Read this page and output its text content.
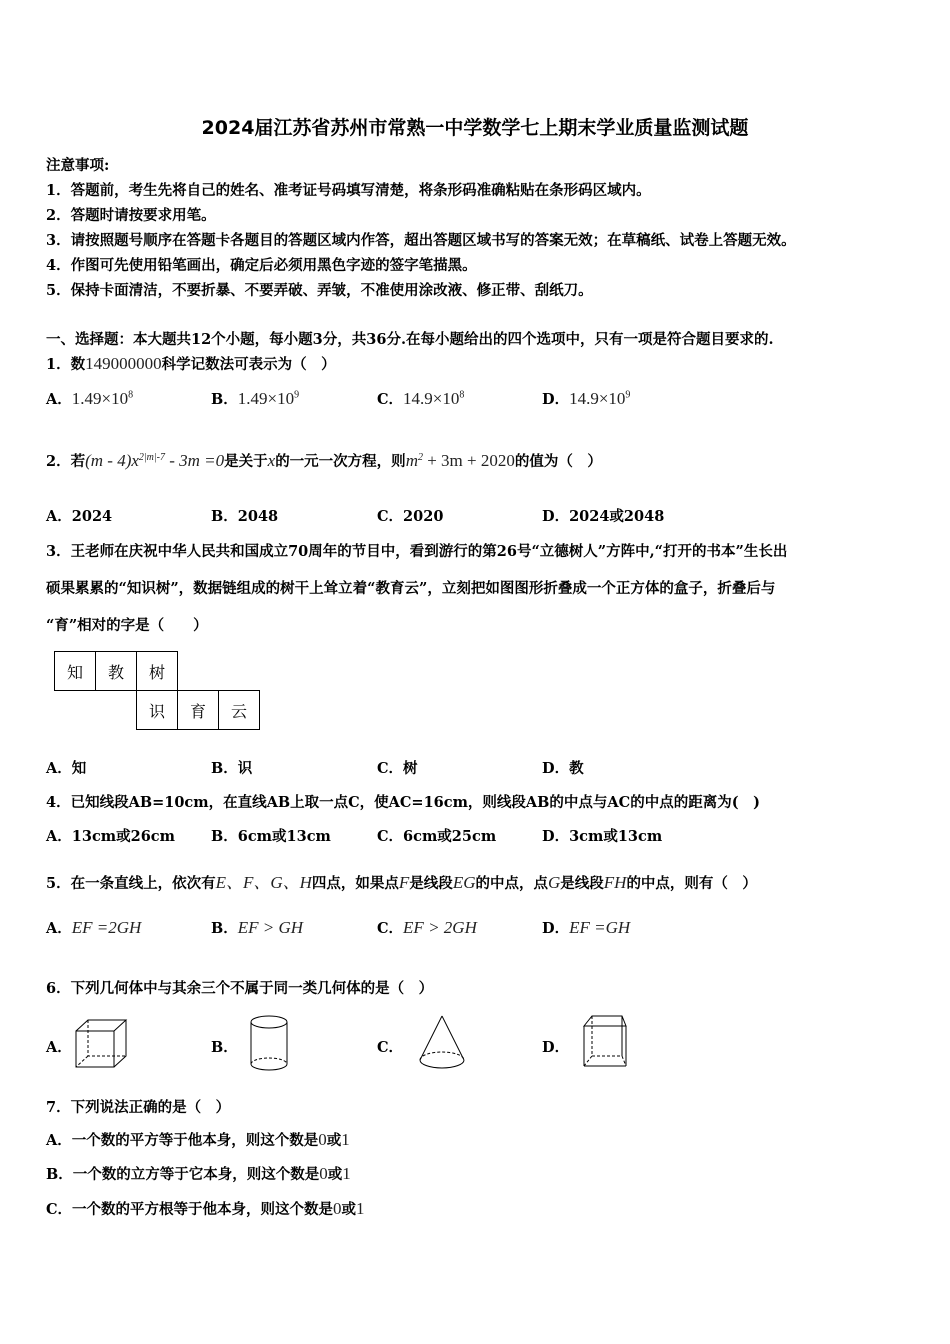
2024届江苏省苏州市常熟一中学数学七上期末学业质量监测试题
注意事项:
1．答题前，考生先将自己的姓名、准考证号码填写清楚，将条形码准确粘贴在条形码区域内。
2．答题时请按要求用笔。
3．请按照题号顺序在答题卡各题目的答题区域内作答，超出答题区域书写的答案无效；在草稿纸、试卷上答题无效。
4．作图可先使用铅笔画出，确定后必须用黑色字迹的签字笔描黑。
5．保持卡面清洁，不要折暴、不要弄破、弄皱，不准使用涂改液、修正带、刮纸刀。
一、选择题：本大题共12个小题，每小题3分，共36分.在每小题给出的四个选项中，只有一项是符合题目要求的.
1．数149000000科学记数法可表示为（　）
A．$1.49\times 10^8$	B．$1.49\times 10^9$	C．$14.9\times 10^8$	D．$14.9\times 10^9$
2．若$(m - 4)x^{2|m|-7} - 3m =0$是关于x的一元一次方程，则$m^2 + 3m + 2020$的值为（　）
A．2024	B．2048	C．2020	D．2024或2048
3．王老师在庆祝中华人民共和国成立70周年的节目中，看到游行的第26号“立德树人”方阵中,“打开的书本”生长出
硕果累累的“知识树”，数据链组成的树干上耸立着“教育云”，立刻把如图图形折叠成一个正方体的盒子，折叠后与
“育”相对的字是（　　）
知	教	树		
		识	育	云
A．知	B．识	C．树	D．教
4．已知线段AB=10cm，在直线AB上取一点C，使AC=16cm，则线段AB的中点与AC的中点的距离为(　)
A．13cm或26cm B．6cm或13cm	C．6cm或25cm	D．3cm或13cm
5．在一条直线上，依次有E、F、G、H四点，如果点F是线段EG的中点，点G是线段FH的中点，则有（　）
A．EF =2GH	B．EF > GH	C．EF > 2GH	D．EF =GH
6．下列几何体中与其余三个不属于同一类几何体的是（　）
A．	B．	C．	D．
7．下列说法正确的是（　）
A．一个数的平方等于他本身，则这个数是0或1
B．一个数的立方等于它本身，则这个数是0或1
C．一个数的平方根等于他本身，则这个数是0或1
